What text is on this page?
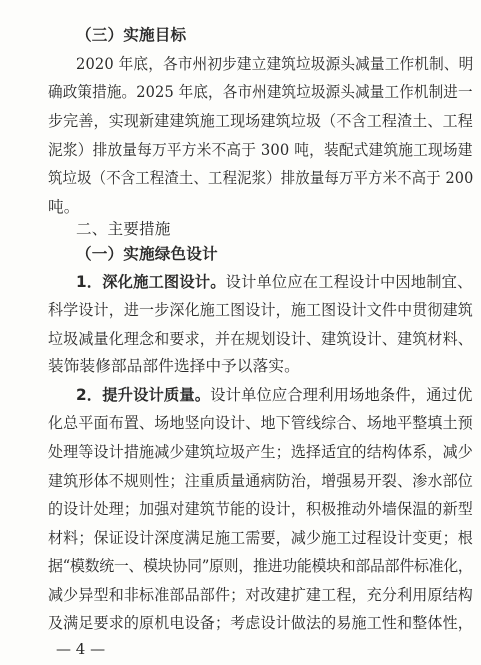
（三）实施目标
2020 年底，各市州初步建立建筑垃圾源头减量工作机制、明
确政策措施。2025 年底，各市州建筑垃圾源头减量工作机制进一
步完善，实现新建建筑施工现场建筑垃圾（不含工程渣土、工程
泥浆）排放量每万平方米不高于 300 吨，装配式建筑施工现场建
筑垃圾（不含工程渣土、工程泥浆）排放量每万平方米不高于 200
吨。
二、主要措施
（一）实施绿色设计
1．深化施工图设计。设计单位应在工程设计中因地制宜、
科学设计，进一步深化施工图设计，施工图设计文件中贯彻建筑
垃圾减量化理念和要求，并在规划设计、建筑设计、建筑材料、
装饰装修部品部件选择中予以落实。
2．提升设计质量。设计单位应合理利用场地条件，通过优
化总平面布置、场地竖向设计、地下管线综合、场地平整填土预
处理等设计措施减少建筑垃圾产生；选择适宜的结构体系，减少
建筑形体不规则性；注重质量通病防治，增强易开裂、渗水部位
的设计处理；加强对建筑节能的设计，积极推动外墙保温的新型
材料；保证设计深度满足施工需要，减少施工过程设计变更；根
据“模数统一、模块协同”原则，推进功能模块和部品部件标准化，
减少异型和非标准部品部件；对改建扩建工程，充分利用原结构
及满足要求的原机电设备；考虑设计做法的易施工性和整体性，
— 4 —
